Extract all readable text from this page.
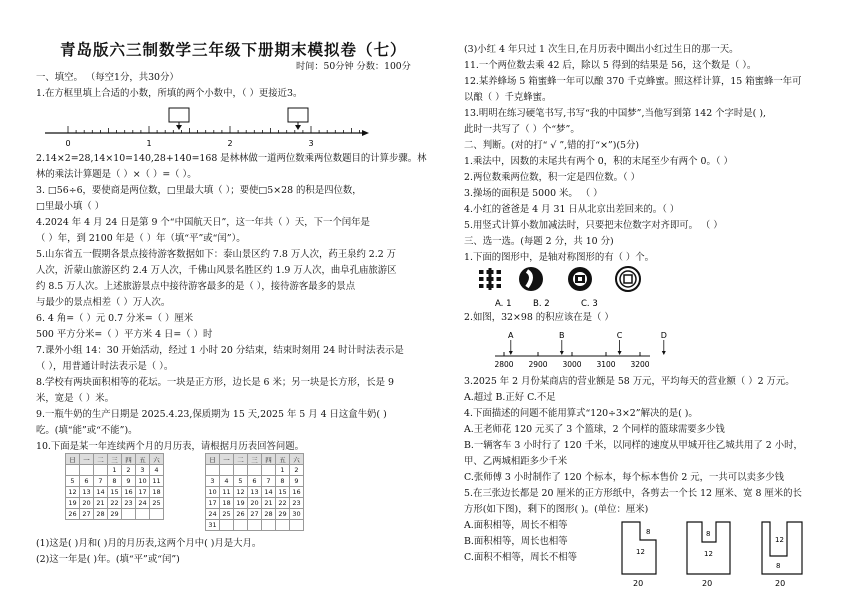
青岛版六三制数学三年级下册期末模拟卷（七）
时间：50分钟 分数：100分
一、填空。 （每空1分，共30分）
1.在方框里填上合适的小数，所填的两个小数中，（ ）更接近3。
2.14×2=28,14×10=140,28+140=168 是林林做一道两位数乘两位数题目的计算步骤。林
林的乘法计算题是（ ）×（ ）=（ ）。
3. □56÷6，要使商是两位数，□里最大填（ ）；要使□5×28 的积是四位数，
□里最小填（ ）
4.2024 年 4 月 24 日是第 9 个“中国航天日”，这一年共（ ）天，下一个闰年是
（ ）年，到 2100 年是（ ）年（填“平”或“闰”）。
5.山东省五一假期各景点接待游客数据如下：泰山景区约 7.8 万人次，药王泉约 2.2 万
人次，沂蒙山旅游区约 2.4 万人次，千佛山风景名胜区约 1.9 万人次，曲阜孔庙旅游区
约 8.5 万人次。上述旅游景点中接待游客最多的是（ ），接待游客最多的景点
与最少的景点相差（ ）万人次。
6. 4 角=（ ）元 0.7 分米=（ ）厘米
500 平方分米=（ ）平方米 4 日=（ ）时
7.课外小组 14：30 开始活动，经过 1 小时 20 分结束，结束时刻用 24 时计时法表示是
（ ），用普通计时法表示是（ ）。
8.学校有两块面积相等的花坛。一块是正方形，边长是 6 米；另一块是长方形，长是 9
米，宽是（ ）米。
9.一瓶牛奶的生产日期是 2025.4.23,保质期为 15 天,2025 年 5 月 4 日这盒牛奶( )
吃。(填“能”或“不能”)。
10.下面是某一年连续两个月的月历表，请根据月历表回答问题。
(1)这是( )月和( )月的月历表,这两个月中( )月是大月。
(2)这一年是( )年。(填“平”或“闰”)
(3)小红 4 年只过 1 次生日,在月历表中圈出小红过生日的那一天。
11.一个两位数去乘 42 后，除以 5 得到的结果是 56，这个数是（ ）。
12.某养蜂场 5 箱蜜蜂一年可以酿 370 千克蜂蜜。照这样计算，15 箱蜜蜂一年可
以酿（ ）千克蜂蜜。
13.明明在练习硬笔书写,书写“我的中国梦”,当他写到第 142 个字时是( ),
此时一共写了（ ）个“梦”。
二、判断。(对的打“ √ ”,错的打“×”)(5分)
1.乘法中，因数的末尾共有两个 0，积的末尾至少有两个 0。（ ）
2.两位数乘两位数，积一定是四位数。（ ）
3.操场的面积是 5000 米。 （ ）
4.小红的爸爸是 4 月 31 日从北京出差回来的。（ ）
5.用竖式计算小数加减法时，只要把末位数字对齐即可。 （ ）
三、选一选。(每题 2 分，共 10 分)
1.下面的图形中，是轴对称图形的有（ ）个。
2.如图，32×98 的积应该在是（ ）
3.2025 年 2 月份某商店的营业额是 58 万元，平均每天的营业额（ ）2 万元。
A.超过 B.正好 C.不足
4.下面描述的问题不能用算式“120÷3×2”解决的是( )。
A.王老师花 120 元买了 3 个篮球，2 个同样的篮球需要多少钱
B.一辆客车 3 小时行了 120 千米，以同样的速度从甲城开往乙城共用了 2 小时，
甲、乙两城相距多少千米
C.张师傅 3 小时制作了 120 个标本，每个标本售价 2 元，一共可以卖多少钱
5.在三张边长都是 20 厘米的正方形纸中，各剪去一个长 12 厘米、宽 8 厘米的长
方形(如下图)，剩下的图形( )。(单位：厘米)
A.面积相等，周长不相等
B.面积相等，周长也相等
C.面积不相等，周长不相等
0	1	2	3
日	一	二	三	四	五	六
			1	2	3	4
5	6	7	8	9	10	11
12	13	14	15	16	17	18
19	20	21	22	23	24	25
26	27	28	29			
日	一	二	三	四	五	六
					1	2
3	4	5	6	7	8	9
10	11	12	13	14	15	16
17	18	19	20	21	22	23
24	25	26	27	28	29	30
31						
A. 1	B. 2	C. 3
2800 2900 3000 3100 3200
A	B	C	D
12
8
20
12
8
20
12
8
20
